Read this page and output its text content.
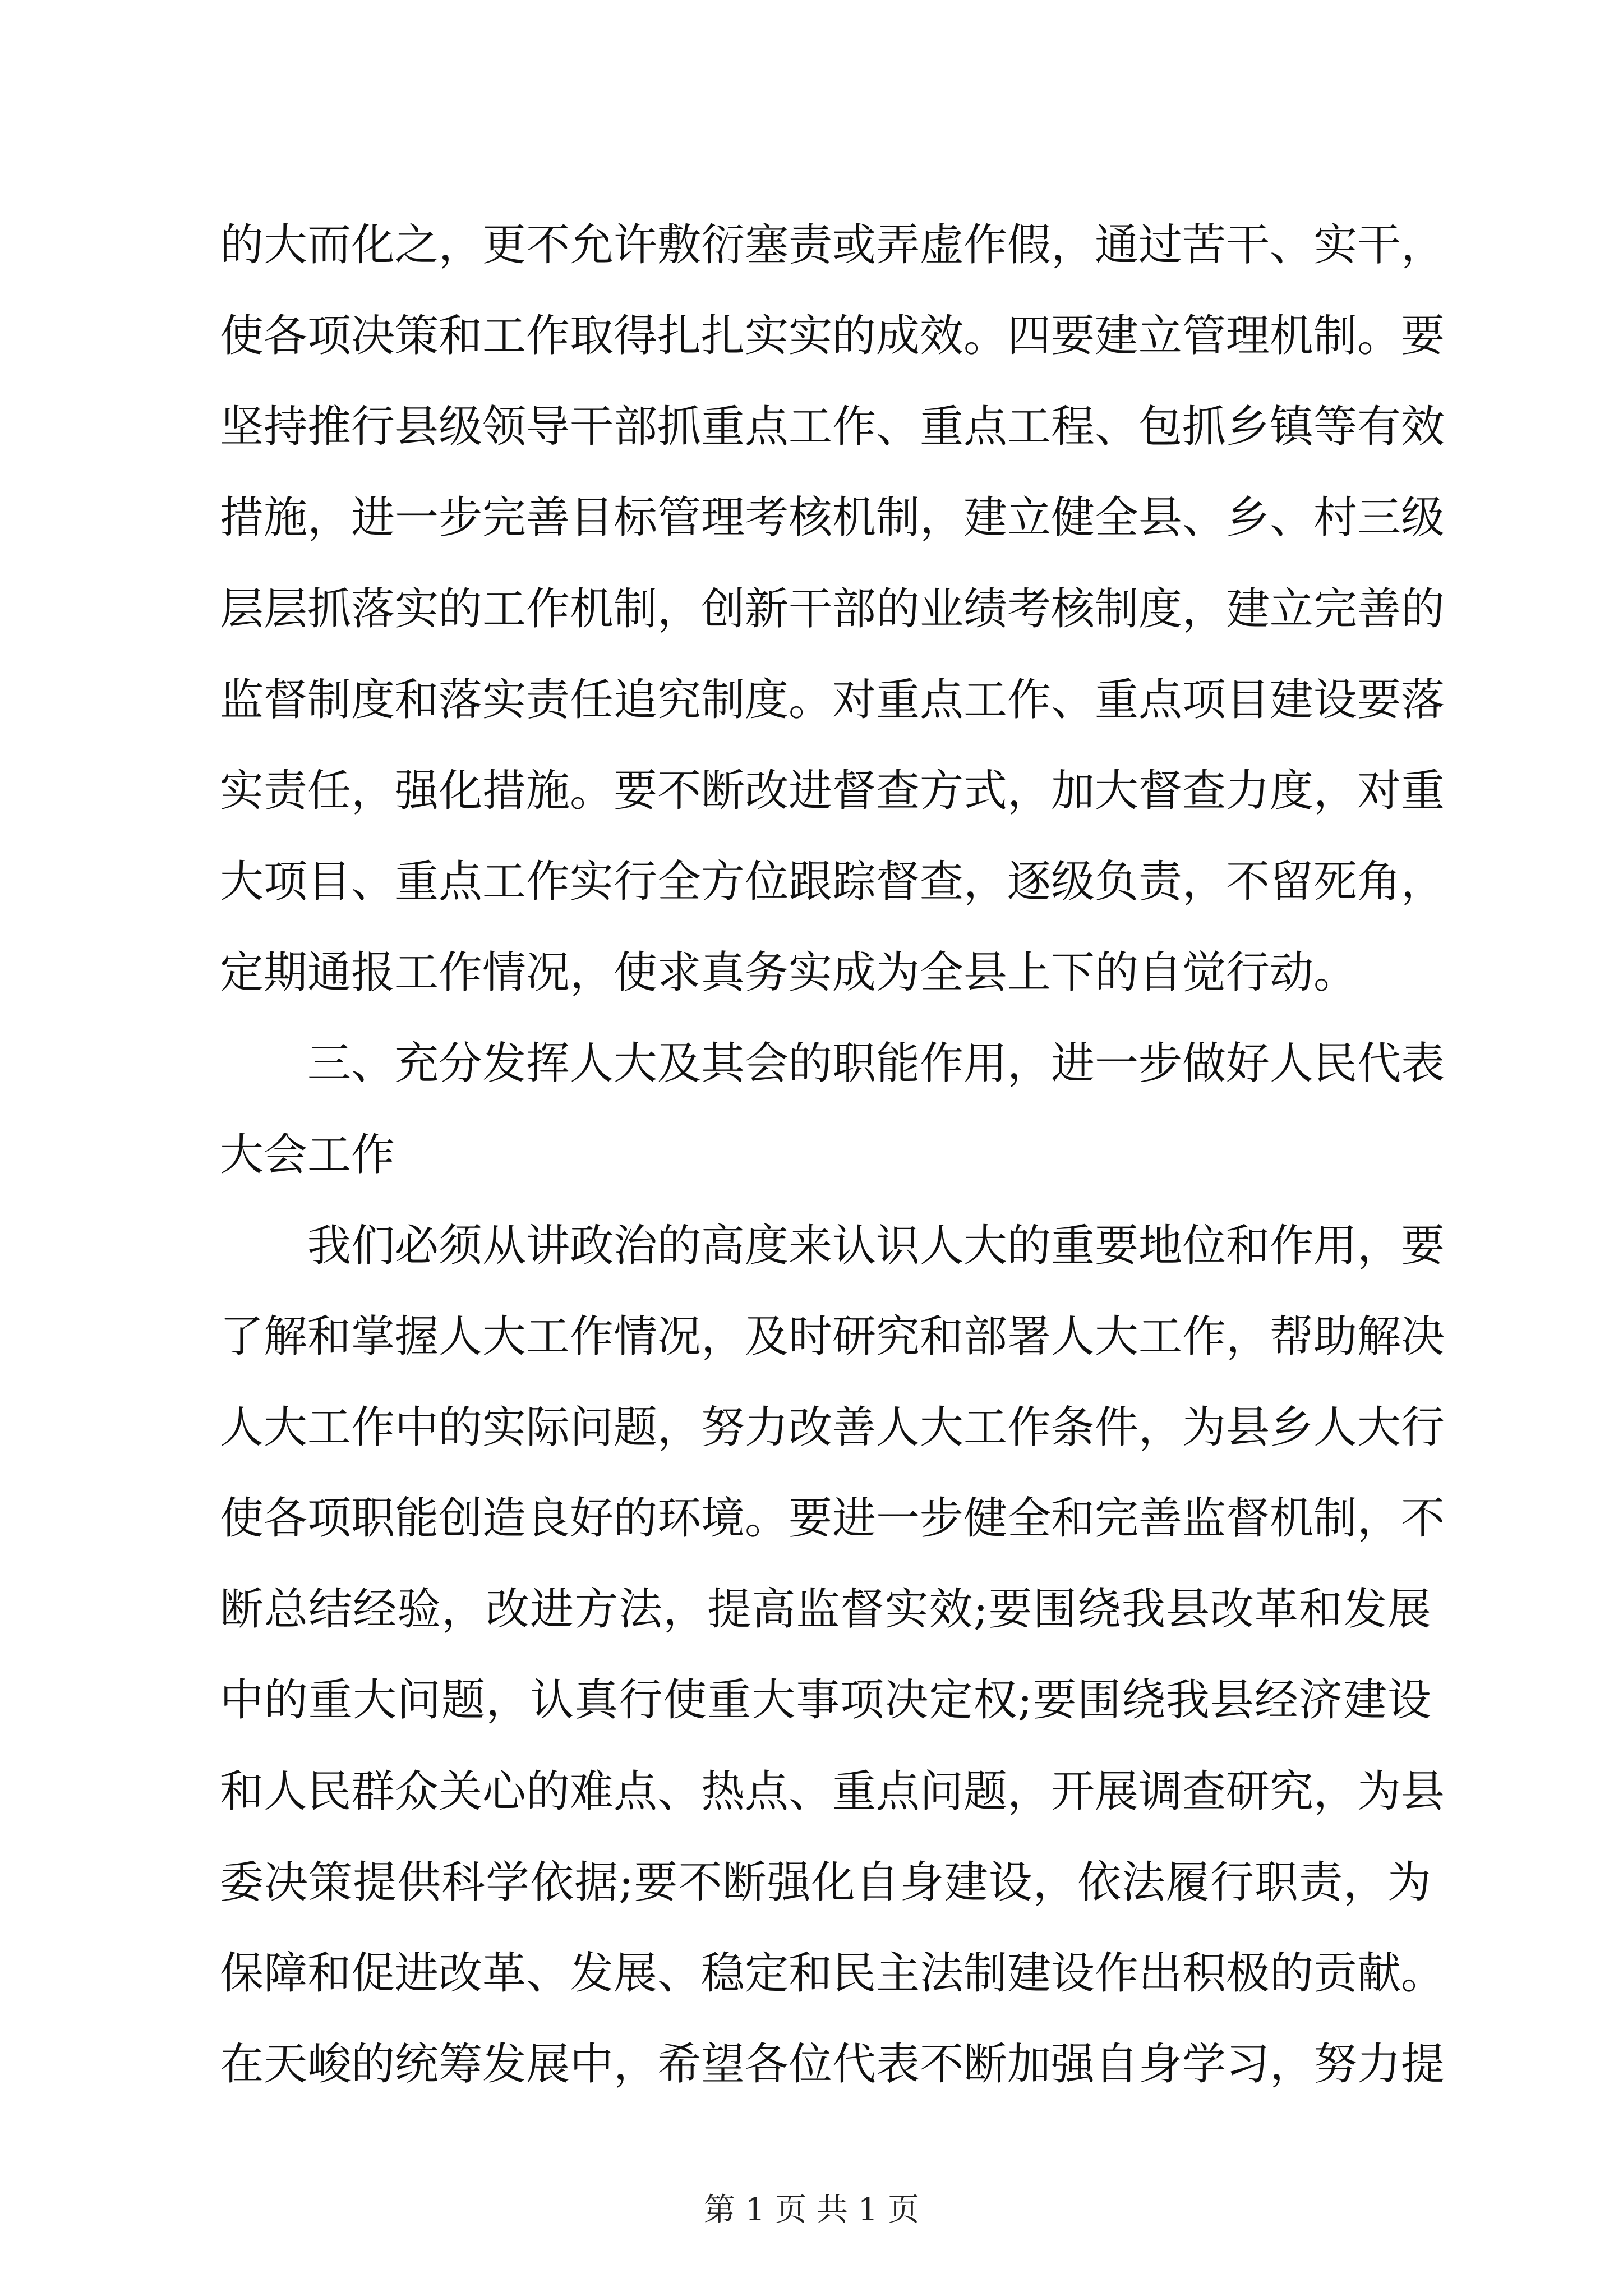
的大而化之，更不允许敷衍塞责或弄虚作假，通过苦干、实干，
使各项决策和工作取得扎扎实实的成效。四要建立管理机制。要
坚持推行县级领导干部抓重点工作、重点工程、包抓乡镇等有效
措施，进一步完善目标管理考核机制，建立健全县、乡、村三级
层层抓落实的工作机制，创新干部的业绩考核制度，建立完善的
监督制度和落实责任追究制度。对重点工作、重点项目建设要落
实责任，强化措施。要不断改进督查方式，加大督查力度，对重
大项目、重点工作实行全方位跟踪督查，逐级负责，不留死角，
定期通报工作情况，使求真务实成为全县上下的自觉行动。
三、充分发挥人大及其会的职能作用，进一步做好人民代表
大会工作
我们必须从讲政治的高度来认识人大的重要地位和作用，要
了解和掌握人大工作情况，及时研究和部署人大工作，帮助解决
人大工作中的实际问题，努力改善人大工作条件，为县乡人大行
使各项职能创造良好的环境。要进一步健全和完善监督机制，不
断总结经验，改进方法，提高监督实效;要围绕我县改革和发展
中的重大问题，认真行使重大事项决定权;要围绕我县经济建设
和人民群众关心的难点、热点、重点问题，开展调查研究，为县
委决策提供科学依据;要不断强化自身建设，依法履行职责，为
保障和促进改革、发展、稳定和民主法制建设作出积极的贡献。
在天峻的统筹发展中，希望各位代表不断加强自身学习，努力提
第 1 页 共 1 页
